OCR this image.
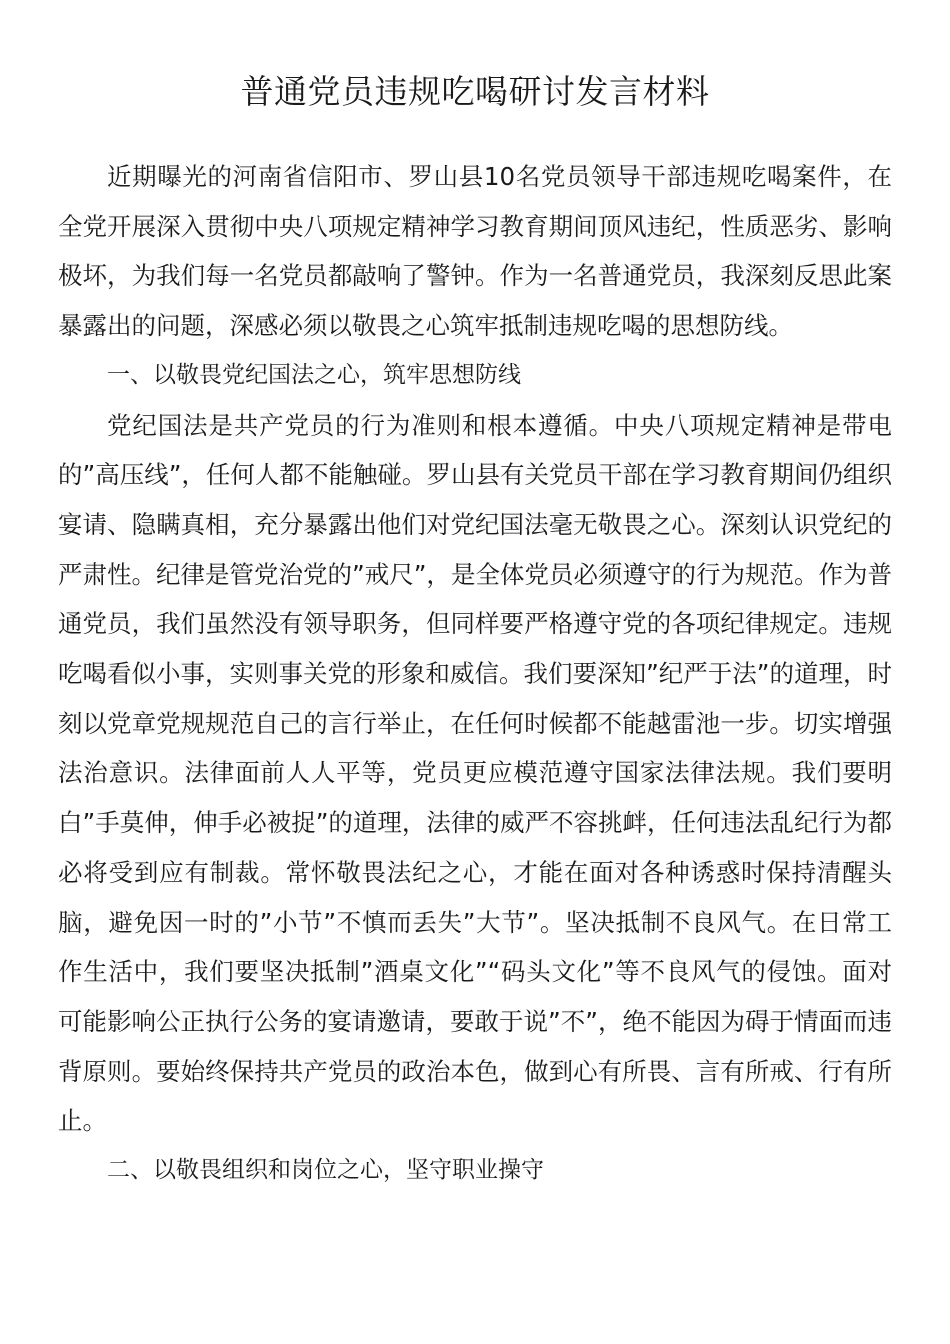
普通党员违规吃喝研讨发言材料

近期曝光的河南省信阳市、罗山县10名党员领导干部违规吃喝案件，在全党开展深入贯彻中央八项规定精神学习教育期间顶风违纪，性质恶劣、影响极坏，为我们每一名党员都敲响了警钟。作为一名普通党员，我深刻反思此案暴露出的问题，深感必须以敬畏之心筑牢抵制违规吃喝的思想防线。

一、以敬畏党纪国法之心，筑牢思想防线

党纪国法是共产党员的行为准则和根本遵循。中央八项规定精神是带电的”高压线”，任何人都不能触碰。罗山县有关党员干部在学习教育期间仍组织宴请、隐瞒真相，充分暴露出他们对党纪国法毫无敬畏之心。深刻认识党纪的严肃性。纪律是管党治党的”戒尺”，是全体党员必须遵守的行为规范。作为普通党员，我们虽然没有领导职务，但同样要严格遵守党的各项纪律规定。违规吃喝看似小事，实则事关党的形象和威信。我们要深知”纪严于法”的道理，时刻以党章党规规范自己的言行举止，在任何时候都不能越雷池一步。切实增强法治意识。法律面前人人平等，党员更应模范遵守国家法律法规。我们要明白”手莫伸，伸手必被捉”的道理，法律的威严不容挑衅，任何违法乱纪行为都必将受到应有制裁。常怀敬畏法纪之心，才能在面对各种诱惑时保持清醒头脑，避免因一时的”小节”不慎而丢失”大节”。坚决抵制不良风气。在日常工作生活中，我们要坚决抵制”酒桌文化”“码头文化”等不良风气的侵蚀。面对可能影响公正执行公务的宴请邀请，要敢于说”不”，绝不能因为碍于情面而违背原则。要始终保持共产党员的政治本色，做到心有所畏、言有所戒、行有所止。

二、以敬畏组织和岗位之心，坚守职业操守
